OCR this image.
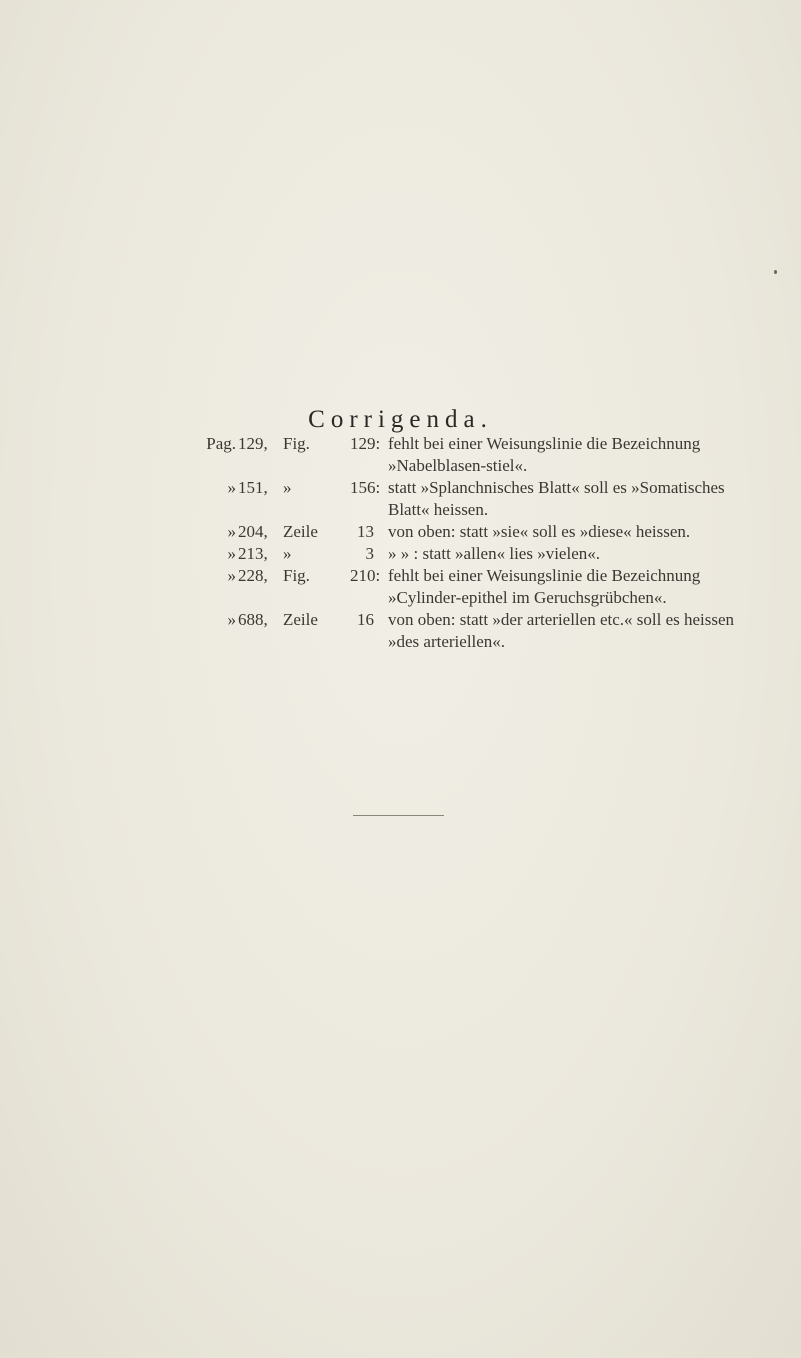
Corrigenda.
Pag. 129, Fig.	129: fehlt bei einer Weisungslinie die Bezeichnung »Nabelblasen-stiel«.
» 151, »	156: statt »Splanchnisches Blatt« soll es »Somatisches Blatt« heissen.
» 204, Zeile	13 von oben: statt »sie« soll es »diese« heissen.
» 213, »	3 » » : statt »allen« lies »vielen«.
» 228, Fig.	210: fehlt bei einer Weisungslinie die Bezeichnung »Cylinder-epithel im Geruchsgrübchen«.
» 688, Zeile	16 von oben: statt »der arteriellen etc.« soll es heissen »des arteriellen«.
